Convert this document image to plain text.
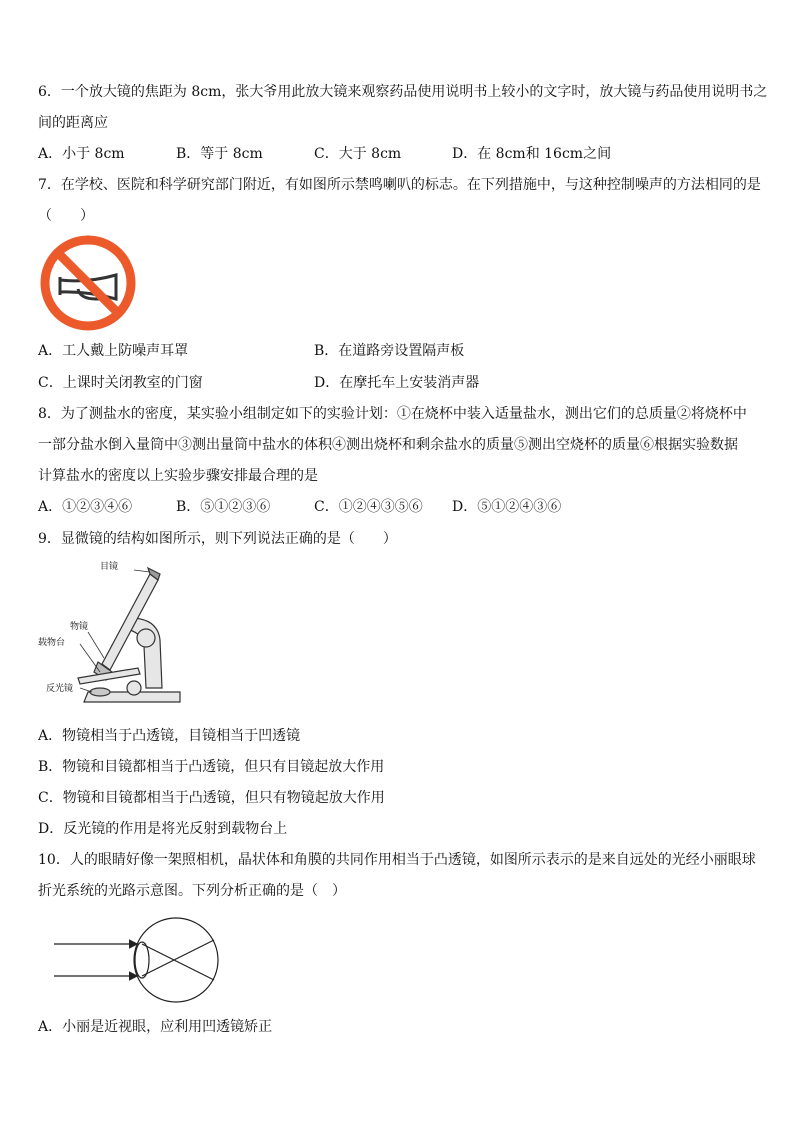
6．一个放大镜的焦距为 8cm，张大爷用此放大镜来观察药品使用说明书上较小的文字时，放大镜与药品使用说明书之
间的距离应
A．小于 8cm	B．等于 8cm	C．大于 8cm	D．在 8cm和 16cm之间
7．在学校、医院和科学研究部门附近，有如图所示禁鸣喇叭的标志。在下列措施中，与这种控制噪声的方法相同的是
（　　）
A．工人戴上防噪声耳罩	B．在道路旁设置隔声板
C．上课时关闭教室的门窗	D．在摩托车上安装消声器
8．为了测盐水的密度，某实验小组制定如下的实验计划：①在烧杯中装入适量盐水，测出它们的总质量②将烧杯中
一部分盐水倒入量筒中③测出量筒中盐水的体积④测出烧杯和剩余盐水的质量⑤测出空烧杯的质量⑥根据实验数据
计算盐水的密度以上实验步骤安排最合理的是
A．①②③④⑥	B．⑤①②③⑥	C．①②④③⑤⑥ D．⑤①②④③⑥
9．显微镜的结构如图所示，则下列说法正确的是（　　）
目镜
物镜
载物台
反光镜
A．物镜相当于凸透镜，目镜相当于凹透镜
B．物镜和目镜都相当于凸透镜，但只有目镜起放大作用
C．物镜和目镜都相当于凸透镜，但只有物镜起放大作用
D．反光镜的作用是将光反射到载物台上
10．人的眼睛好像一架照相机，晶状体和角膜的共同作用相当于凸透镜，如图所示表示的是来自远处的光经小丽眼球
折光系统的光路示意图。下列分析正确的是（　）
A．小丽是近视眼，应利用凹透镜矫正
